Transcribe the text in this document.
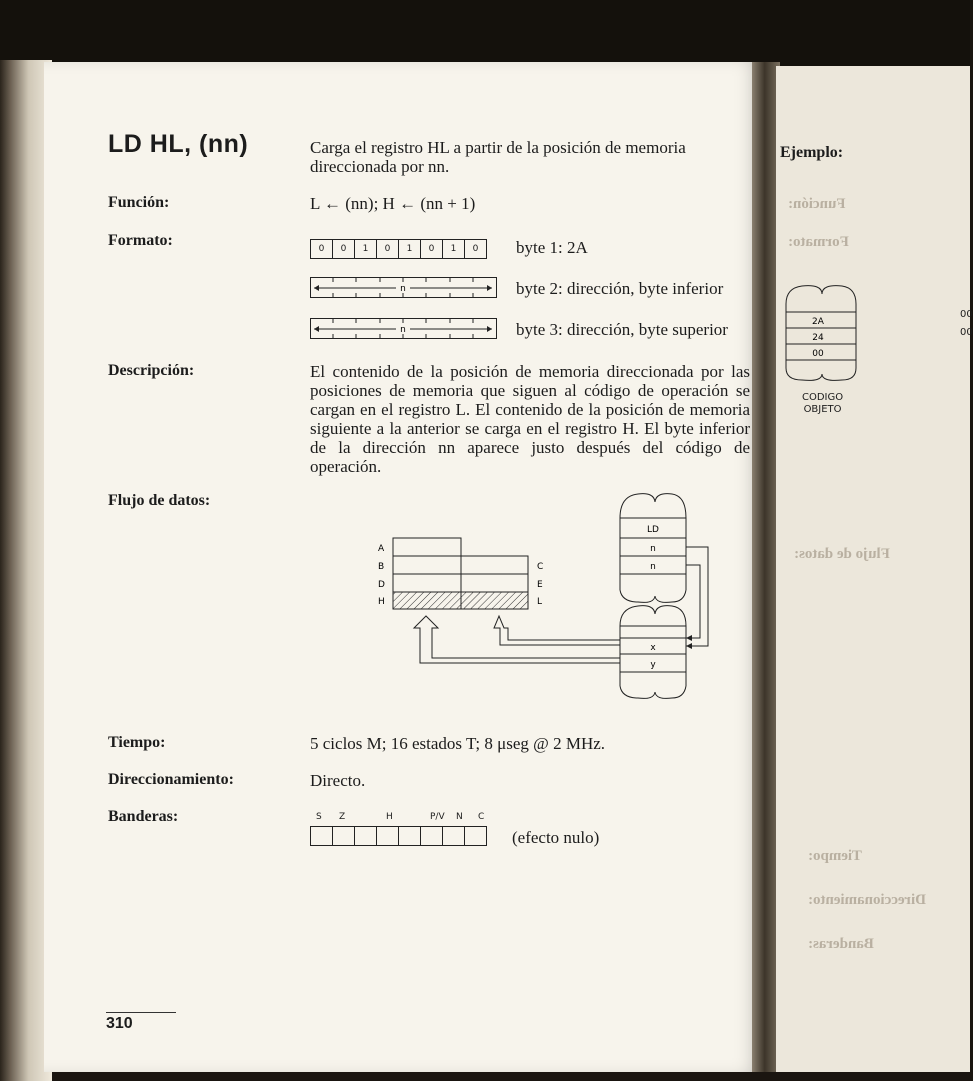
Ejemplo:
Función:
Formato:
Flujo de datos:
Tiempo:
Direccionamiento:
Banderas:
2A
24
00
CODIGO
OBJETO
00
00
LD HL, (nn)	Carga el registro HL a partir de la posición de memoria direccionada por nn.
Función:	L ← (nn); H ← (nn + 1)
Formato:	0	0	1	0	1	0	1	0	byte 1: 2A
n	byte 2: dirección, byte inferior
n	byte 3: dirección, byte superior
Descripción:	El contenido de la posición de memoria direccionada por las posiciones de memoria que siguen al código de operación se cargan en el registro L. El contenido de la posición de memoria siguiente a la anterior se carga en el registro H. El byte inferior de la dirección nn aparece justo después del código de operación.
Flujo de datos:
A
B
D
H
C
E
L
LD
n
n
x
y
Tiempo:	5 ciclos M; 16 estados T; 8 μseg @ 2 MHz.
Direccionamiento:	Directo.
Banderas:	S Z	H	P/V N C
(efecto nulo)
310
